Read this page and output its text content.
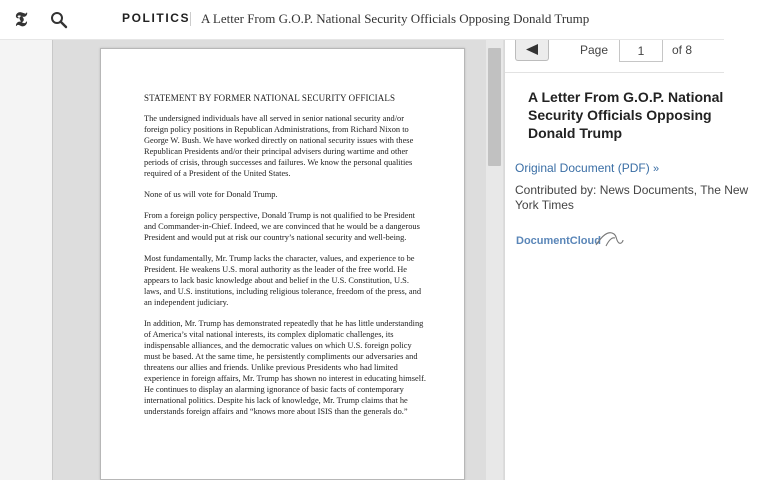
𝕿	POLITICS A Letter From G.O.P. National Security Officials Opposing Donald Trump
STATEMENT BY FORMER NATIONAL SECURITY OFFICIALS

The undersigned individuals have all served in senior national security and/or foreign policy positions in Republican Administrations, from Richard Nixon to George W. Bush. We have worked directly on national security issues with these Republican Presidents and/or their principal advisers during wartime and other periods of crisis, through successes and failures. We know the personal qualities required of a President of the United States.

None of us will vote for Donald Trump.

From a foreign policy perspective, Donald Trump is not qualified to be President and Commander-in-Chief. Indeed, we are convinced that he would be a dangerous President and would put at risk our country’s national security and well-being.

Most fundamentally, Mr. Trump lacks the character, values, and experience to be President. He weakens U.S. moral authority as the leader of the free world. He appears to lack basic knowledge about and belief in the U.S. Constitution, U.S. laws, and U.S. institutions, including religious tolerance, freedom of the press, and an independent judiciary.

In addition, Mr. Trump has demonstrated repeatedly that he has little understanding of America’s vital national interests, its complex diplomatic challenges, its indispensable alliances, and the democratic values on which U.S. foreign policy must be based. At the same time, he persistently compliments our adversaries and threatens our allies and friends. Unlike previous Presidents who had limited experience in foreign affairs, Mr. Trump has shown no interest in educating himself. He continues to display an alarming ignorance of basic facts of contemporary international politics. Despite his lack of knowledge, Mr. Trump claims that he understands foreign affairs and “knows more about ISIS than the generals do.”

Page
1	of 8
A Letter From G.O.P. National
Security Officials Opposing
Donald Trump
Original Document (PDF) »
Contributed by: News Documents, The New
York Times
DocumentCloud
